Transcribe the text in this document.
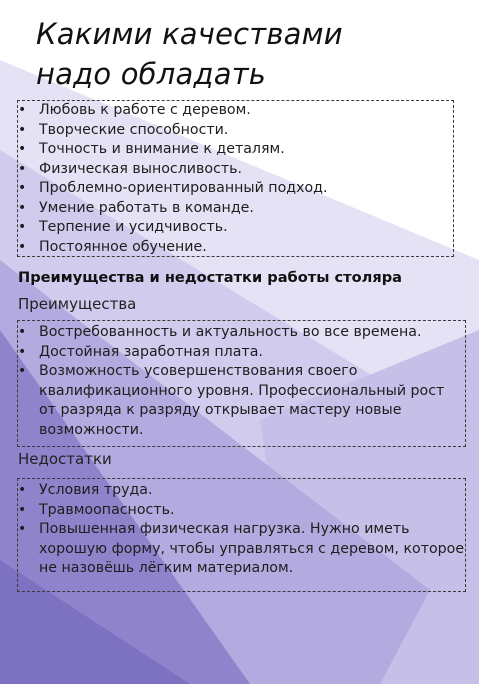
Какими качествами
надо обладать
• Любовь к работе с деревом.
• Творческие способности.
• Точность и внимание к деталям.
• Физическая выносливость.
• Проблемно-ориентированный подход.
• Умение работать в команде.
• Терпение и усидчивость.
• Постоянное обучение.
Преимущества и недостатки работы столяра
Преимущества
• Востребованность и актуальность во все времена.
• Достойная заработная плата.
• Возможность усовершенствования своего квалификационного уровня. Профессиональный рост от разряда к разряду открывает мастеру новые возможности.
Недостатки
• Условия труда.
• Травмоопасность.
• Повышенная физическая нагрузка. Нужно иметь хорошую форму, чтобы управляться с деревом, которое не назовёшь лёгким материалом.
